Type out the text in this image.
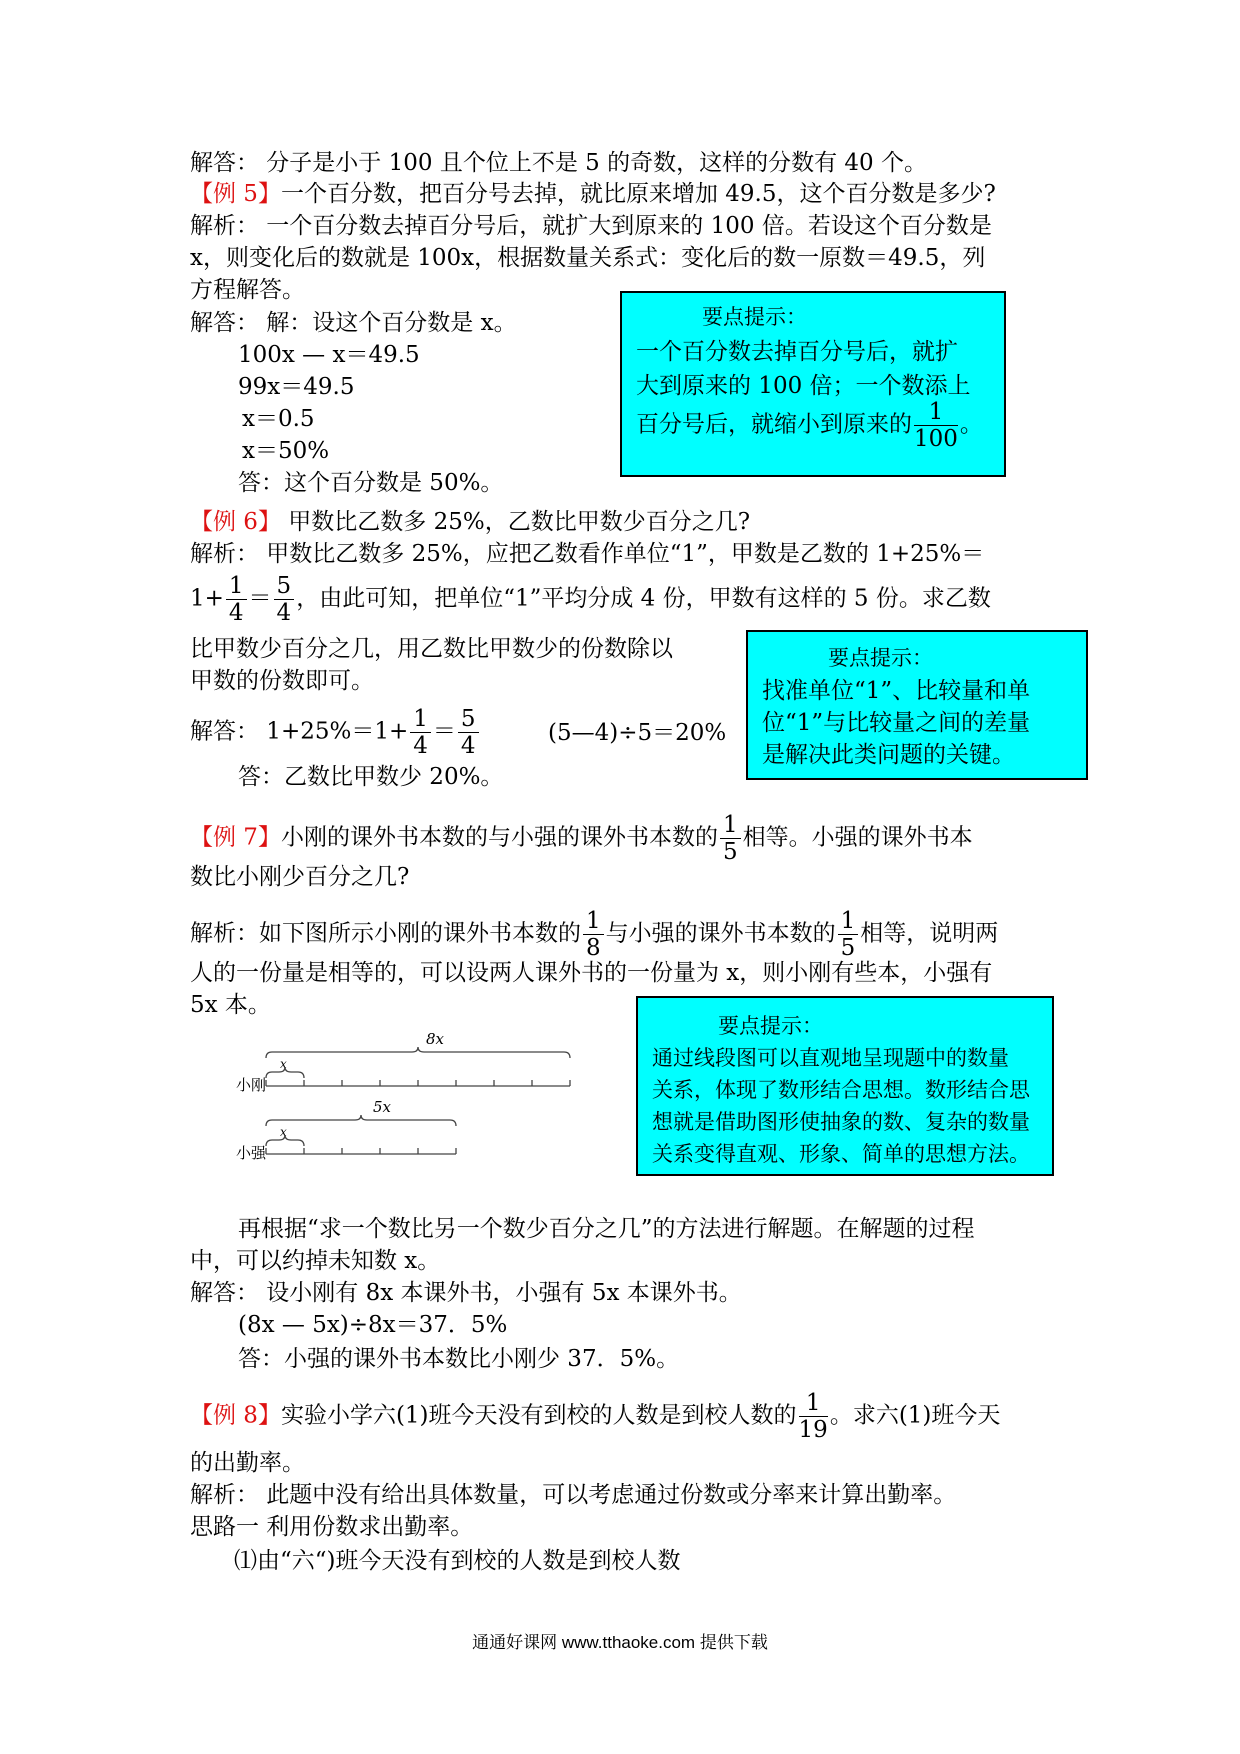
解答： 分子是小于 100 且个位上不是 5 的奇数，这样的分数有 40 个。
【例 5】一个百分数，把百分号去掉，就比原来增加 49.5，这个百分数是多少?
解析： 一个百分数去掉百分号后，就扩大到原来的 100 倍。若设这个百分数是
x，则变化后的数就是 100x，根据数量关系式：变化后的数一原数＝49.5，列
方程解答。
解答： 解：设这个百分数是 x。
100x — x＝49.5
99x＝49.5
x＝0.5
x＝50%
答：这个百分数是 50%。
要点提示：
一个百分数去掉百分号后，就扩
大到原来的 100 倍；一个数添上
百分号后，就缩小到原来的 $\frac{1}{100}$ 。
【例 6】 甲数比乙数多 25%，乙数比甲数少百分之几?
解析： 甲数比乙数多 25%，应把乙数看作单位“1”，甲数是乙数的 1+25%＝
$1+ \frac{1}{4} = \frac{5}{4}$ ，由此可知，把单位“1”平均分成 4 份，甲数有这样的 5 份。求乙数
比甲数少百分之几，用乙数比甲数少的份数除以
甲数的份数即可。
解答： $1+25\%=1+ \frac{1}{4} = \frac{5}{4}$	(5—4)÷5＝20%
答：乙数比甲数少 20%。
要点提示：
找准单位“1”、比较量和单
位“1”与比较量之间的差量
是解决此类问题的关键。
【例 7】小刚的课外书本数的与小强的课外书本数的 $\frac{1}{5}$ 相等。小强的课外书本
数比小刚少百分之几?
解析：如下图所示小刚的课外书本数的 $\frac{1}{8}$ 与小强的课外书本数的 $\frac{1}{5}$ 相等，说明两
人的一份量是相等的，可以设两人课外书的一份量为 x，则小刚有些本，小强有
5x 本。
小刚
小强
8x
5x
x
x
要点提示：
通过线段图可以直观地呈现题中的数量
关系，体现了数形结合思想。数形结合思
想就是借助图形使抽象的数、复杂的数量
关系变得直观、形象、简单的思想方法。
再根据“求一个数比另一个数少百分之几”的方法进行解题。在解题的过程
中，可以约掉未知数 x。
解答： 设小刚有 8x 本课外书，小强有 5x 本课外书。
(8x — 5x)÷8x＝37．5%
答：小强的课外书本数比小刚少 37．5%。
【例 8】实验小学六(1)班今天没有到校的人数是到校人数的 $\frac{1}{19}$ 。求六(1)班今天
的出勤率。
解析： 此题中没有给出具体数量，可以考虑通过份数或分率来计算出勤率。
思路一 利用份数求出勤率。
⑴由“六“)班今天没有到校的人数是到校人数
通通好课网 www.tthaoke.com 提供下载
